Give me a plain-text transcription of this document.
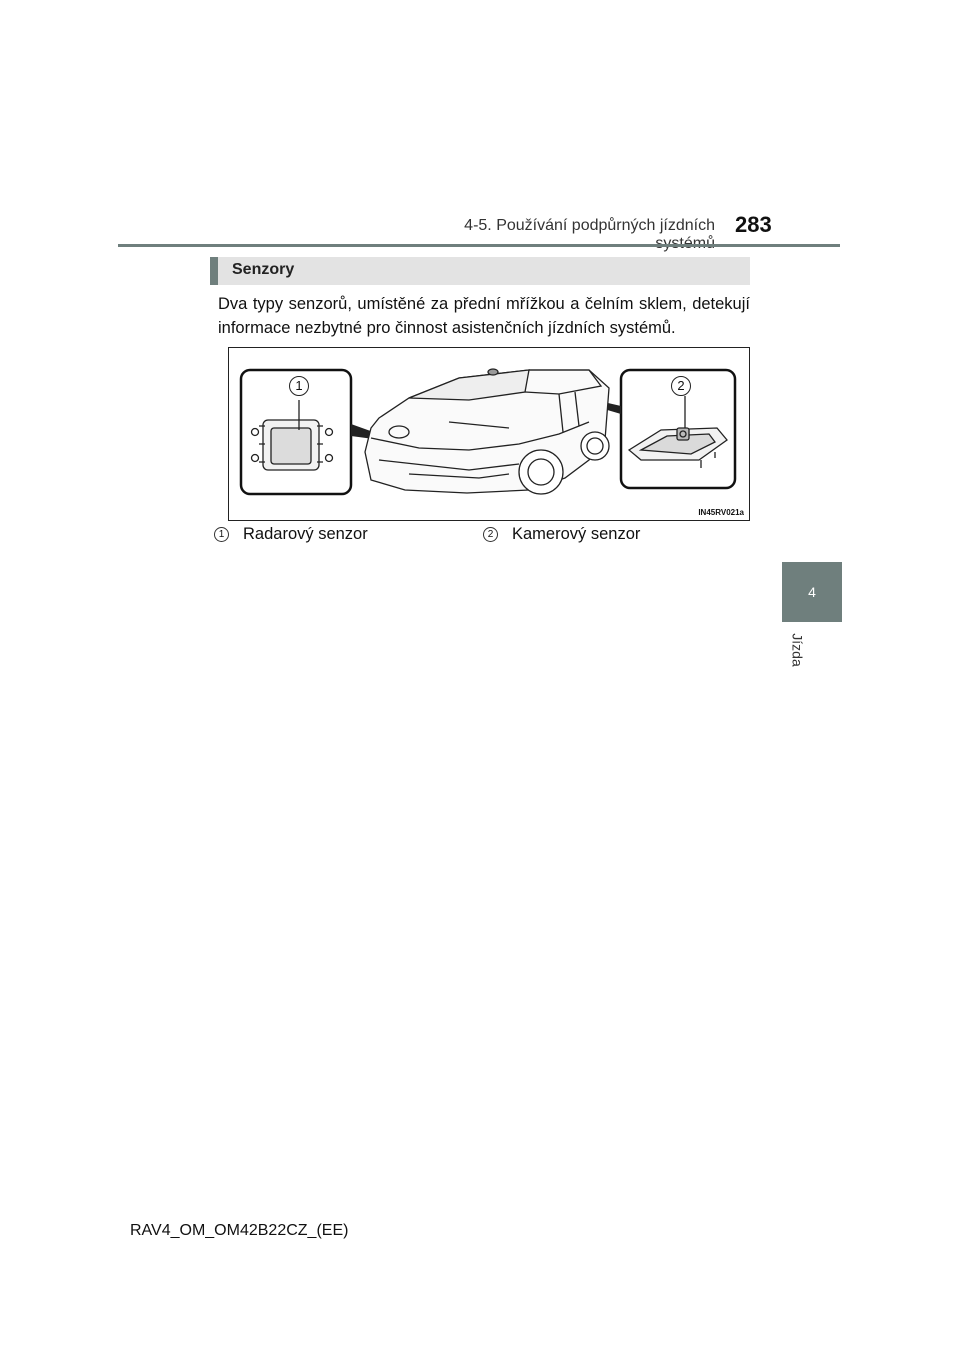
4-5. Používání podpůrných jízdních 283
4
Jízda
Senzory
Dva typy senzorů, umístěné za přední mřížkou a čelním sklem, detekují informace nezbytné pro činnost asistenčních jízdních systémů.
1	2
IN45RV021a
1 Radarový senzor	2 Kamerový senzor
RAV4_OM_OM42B22CZ_(EE)
